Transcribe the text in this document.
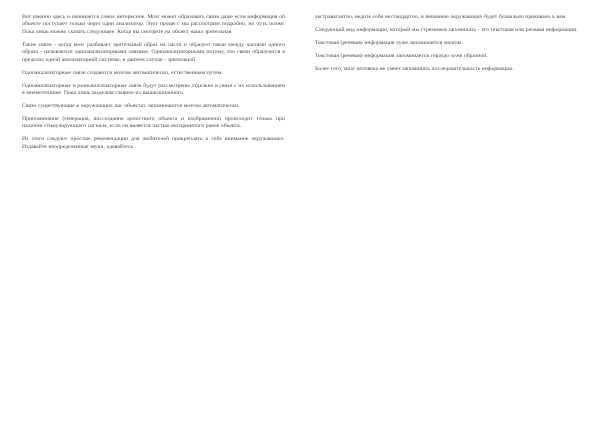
Вот именно здесь и начинается самое интересное. Мозг может образовать связи даже если информация об объекте поступает только через один анализатор. Этот процесс мы рассмотрим подробно, но чуть позже. Пока лишь можно сказать следующее. Когда вы смотрите на объект, ваша зрительная

Такие связи - когда мозг разбивает зрительный образ на части и образует связи между частями одного образа - называются одноанализаторными связями. Одноанализаторными потому, что связи образуются в пределах одной анализаторной системы, в данном случае - зрительной.

Одноанализаторные связи создаются мозгом автоматически, естественным путем.

Одноанализаторные и разноанализаторные связи будут рассмотрены отдельно в связи с их использованием в мнемотехнике. Пока лишь выделим главное их вышесказанного.

Связи существующие в окружающих нас объектах запоминаются мозгом автоматически.

Припоминание (генерация, воссоздание целостного объекта и изображения) происходит только при наличии стимулирующего сигнала, если он является частью воспринятого ранее объекта.

Из этого следуют простые рекомендации для любителей прикреплять к себе внимание окружающих. Издавайте неопределенные звуки, одевайтесь

экстравагантно, ведите себя нестандартно, и внимание окружающих будет буквально приковано к вам.

Следующий вид информации, который мы стремимся запоминать - это текстовая или речевая информация.

Текстовая (речевая) информация хуже запоминается мозгом.

Текстовая (речевая) информация запоминается гораздо хуже образной.

Более того, мозг человека не умеет запоминать последовательность информации.
